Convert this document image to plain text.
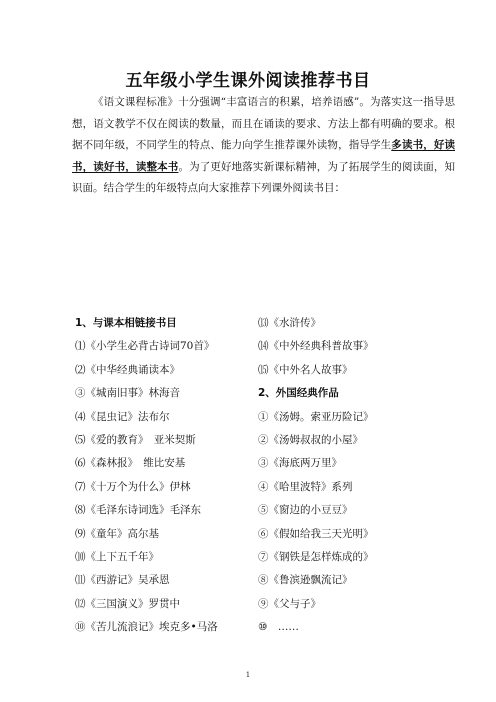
五年级小学生课外阅读推荐书目

《语文课程标准》十分强调“丰富语言的积累，培养语感”。为落实这一指导思想，语文教学不仅在阅读的数量，而且在诵读的要求、方法上都有明确的要求。根据不同年级，不同学生的特点、能力向学生推荐课外读物，指导学生多读书，好读书，读好书，读整本书。为了更好地落实新课标精神，为了拓展学生的阅读面，知识面。结合学生的年级特点向大家推荐下列课外阅读书目：

1、与课本相链接书目
⑴《小学生必背古诗词70首》
⑵《中华经典诵读本》
③《城南旧事》林海音
⑷《昆虫记》法布尔
⑸《爱的教育》　亚米契斯
⑹《森林报》　维比安基
⑺《十万个为什么》伊林
⑻《毛泽东诗词选》毛泽东
⑼《童年》高尔基
⑽《上下五千年》
⑾《西游记》吴承恩
⑿《三国演义》罗贯中
⑩《苦儿流浪记》埃克多•马洛
⒀《水浒传》
⒁《中外经典科普故事》
⒂《中外名人故事》
2、外国经典作品
①《汤姆。索亚历险记》
②《汤姆叔叔的小屋》
③《海底两万里》
④《哈里波特》系列
⑤《窗边的小豆豆》
⑥《假如给我三天光明》
⑦《钢铁是怎样炼成的》
⑧《鲁滨逊飘流记》
⑨《父与子》
⑩　……
1
